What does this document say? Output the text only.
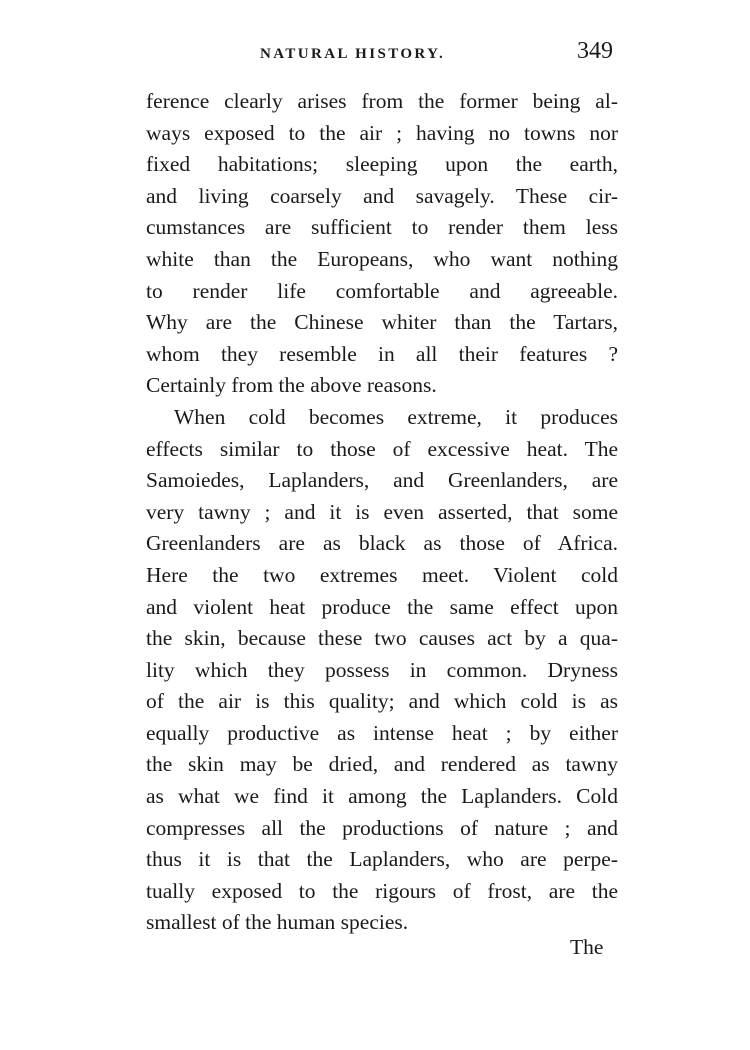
NATURAL HISTORY.	349
ference clearly arises from the former being al-
ways exposed to the air ; having no towns nor
fixed habitations; sleeping upon the earth,
and living coarsely and savagely. These cir-
cumstances are sufficient to render them less
white than the Europeans, who want nothing
to render life comfortable and agreeable.
Why are the Chinese whiter than the Tartars,
whom they resemble in all their features ?
Certainly from the above reasons.
When cold becomes extreme, it produces
effects similar to those of excessive heat. The
Samoiedes, Laplanders, and Greenlanders, are
very tawny ; and it is even asserted, that some
Greenlanders are as black as those of Africa.
Here the two extremes meet. Violent cold
and violent heat produce the same effect upon
the skin, because these two causes act by a qua-
lity which they possess in common. Dryness
of the air is this quality; and which cold is as
equally productive as intense heat ; by either
the skin may be dried, and rendered as tawny
as what we find it among the Laplanders. Cold
compresses all the productions of nature ; and
thus it is that the Laplanders, who are perpe-
tually exposed to the rigours of frost, are the
smallest of the human species.
The
